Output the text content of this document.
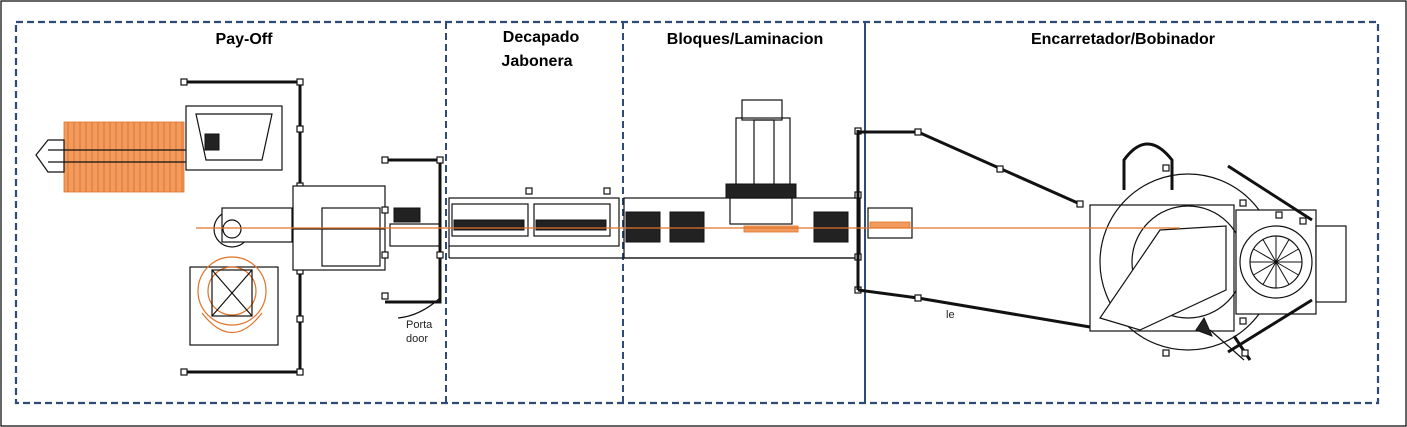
Pay-Off	Decapado
Jabonera
Bloques/Laminacion	Encarretador/Bobinador
Porta
door
le
